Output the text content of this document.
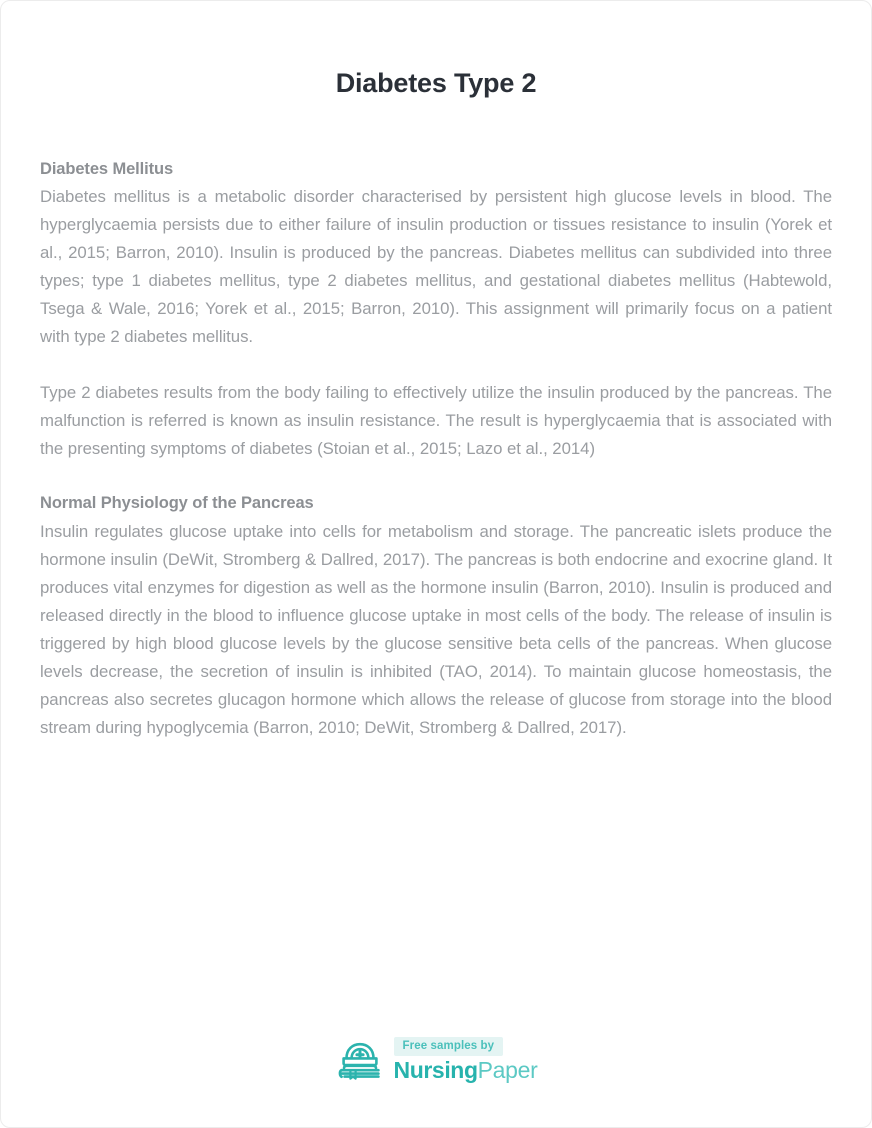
Diabetes Type 2
Diabetes Mellitus

Diabetes mellitus is a metabolic disorder characterised by persistent high glucose levels in blood. The hyperglycaemia persists due to either failure of insulin production or tissues resistance to insulin (Yorek et al., 2015; Barron, 2010). Insulin is produced by the pancreas. Diabetes mellitus can subdivided into three types; type 1 diabetes mellitus, type 2 diabetes mellitus, and gestational diabetes mellitus (Habtewold, Tsega & Wale, 2016; Yorek et al., 2015; Barron, 2010). This assignment will primarily focus on a patient with type 2 diabetes mellitus.

Type 2 diabetes results from the body failing to effectively utilize the insulin produced by the pancreas. The malfunction is referred is known as insulin resistance. The result is hyperglycaemia that is associated with the presenting symptoms of diabetes (Stoian et al., 2015; Lazo et al., 2014)

Normal Physiology of the Pancreas

Insulin regulates glucose uptake into cells for metabolism and storage. The pancreatic islets produce the hormone insulin (DeWit, Stromberg & Dallred, 2017). The pancreas is both endocrine and exocrine gland. It produces vital enzymes for digestion as well as the hormone insulin (Barron, 2010). Insulin is produced and released directly in the blood to influence glucose uptake in most cells of the body. The release of insulin is triggered by high blood glucose levels by the glucose sensitive beta cells of the pancreas. When glucose levels decrease, the secretion of insulin is inhibited (TAO, 2014). To maintain glucose homeostasis, the pancreas also secretes glucagon hormone which allows the release of glucose from storage into the blood stream during hypoglycemia (Barron, 2010; DeWit, Stromberg & Dallred, 2017).

Free samples by
NursingPaper
